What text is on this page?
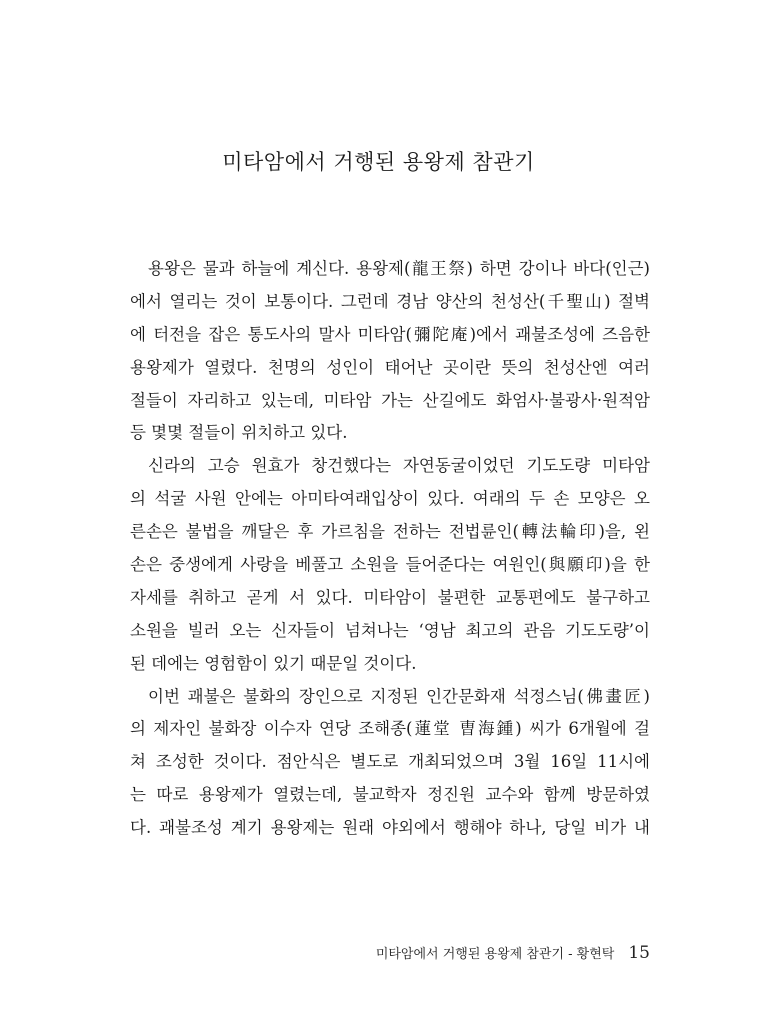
미타암에서 거행된 용왕제 참관기
용왕은 물과 하늘에 계신다. 용왕제(龍王祭) 하면 강이나 바다(인근)
에서 열리는 것이 보통이다. 그런데 경남 양산의 천성산(千聖山) 절벽
에 터전을 잡은 통도사의 말사 미타암(彌陀庵)에서 괘불조성에 즈음한
용왕제가 열렸다. 천명의 성인이 태어난 곳이란 뜻의 천성산엔 여러
절들이 자리하고 있는데, 미타암 가는 산길에도 화엄사·불광사·원적암
등 몇몇 절들이 위치하고 있다.
신라의 고승 원효가 창건했다는 자연동굴이었던 기도도량 미타암
의 석굴 사원 안에는 아미타여래입상이 있다. 여래의 두 손 모양은 오
른손은 불법을 깨달은 후 가르침을 전하는 전법륜인(轉法輪印)을, 왼
손은 중생에게 사랑을 베풀고 소원을 들어준다는 여원인(與願印)을 한
자세를 취하고 곧게 서 있다. 미타암이 불편한 교통편에도 불구하고
소원을 빌러 오는 신자들이 넘쳐나는 ‘영남 최고의 관음 기도도량’이
된 데에는 영험함이 있기 때문일 것이다.
이번 괘불은 불화의 장인으로 지정된 인간문화재 석정스님(佛畫匠)
의 제자인 불화장 이수자 연당 조해종(蓮堂 曺海鍾) 씨가 6개월에 걸
쳐 조성한 것이다. 점안식은 별도로 개최되었으며 3월 16일 11시에
는 따로 용왕제가 열렸는데, 불교학자 정진원 교수와 함께 방문하였
다. 괘불조성 계기 용왕제는 원래 야외에서 행해야 하나, 당일 비가 내
미타암에서 거행된 용왕제 참관기 - 황현탁 15
